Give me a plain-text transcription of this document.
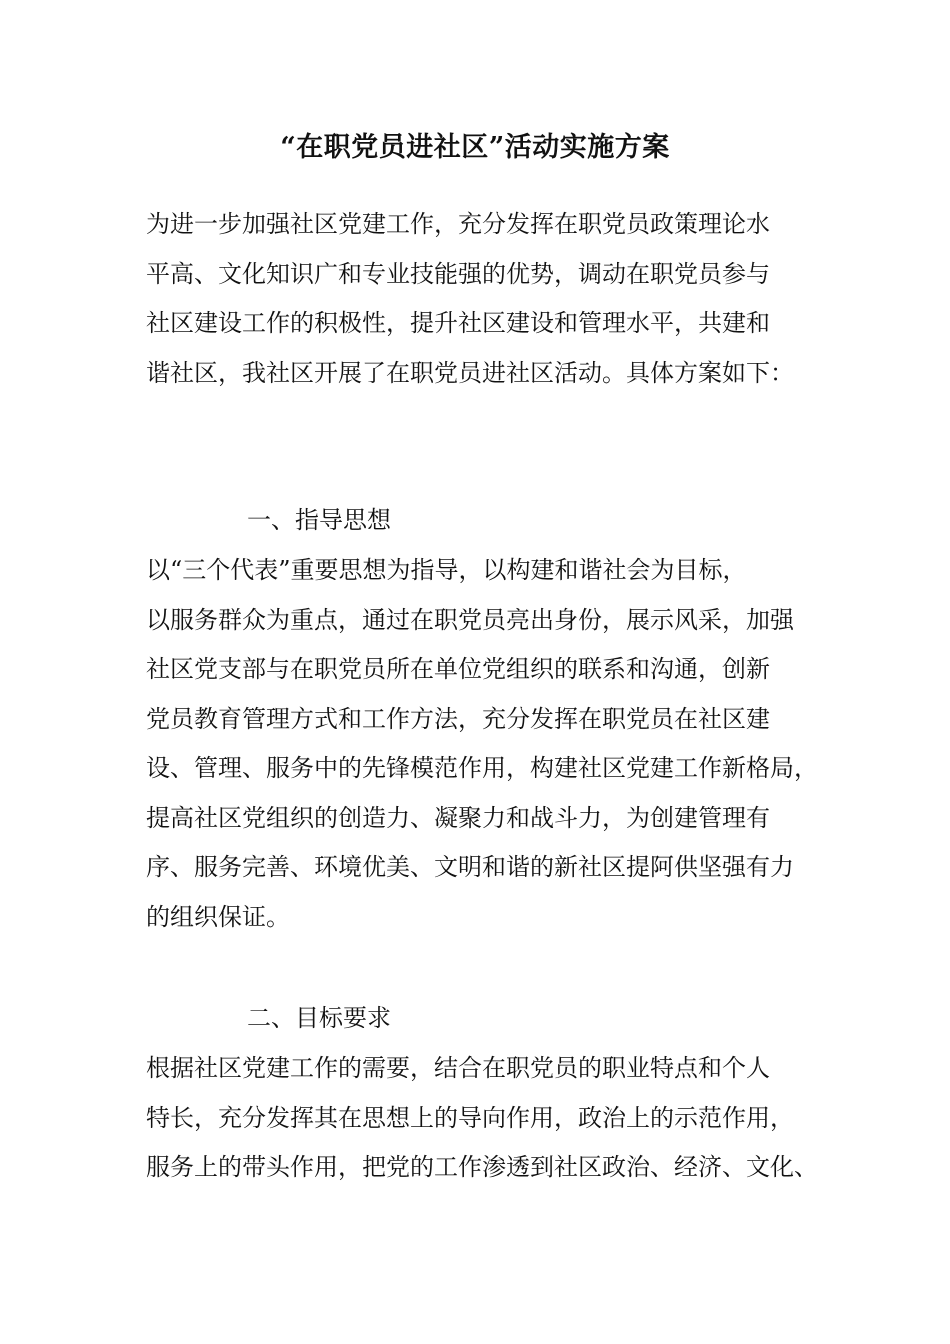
“在职党员进社区”活动实施方案

为进一步加强社区党建工作，充分发挥在职党员政策理论水
平高、文化知识广和专业技能强的优势，调动在职党员参与
社区建设工作的积极性，提升社区建设和管理水平，共建和
谐社区，我社区开展了在职党员进社区活动。具体方案如下：

一、指导思想

以“三个代表”重要思想为指导，以构建和谐社会为目标，
以服务群众为重点，通过在职党员亮出身份，展示风采，加强
社区党支部与在职党员所在单位党组织的联系和沟通，创新
党员教育管理方式和工作方法，充分发挥在职党员在社区建
设、管理、服务中的先锋模范作用，构建社区党建工作新格局，
提高社区党组织的创造力、凝聚力和战斗力，为创建管理有
序、服务完善、环境优美、文明和谐的新社区提阿供坚强有力
的组织保证。

二、目标要求

根据社区党建工作的需要，结合在职党员的职业特点和个人
特长，充分发挥其在思想上的导向作用，政治上的示范作用，
服务上的带头作用，把党的工作渗透到社区政治、经济、文化、
